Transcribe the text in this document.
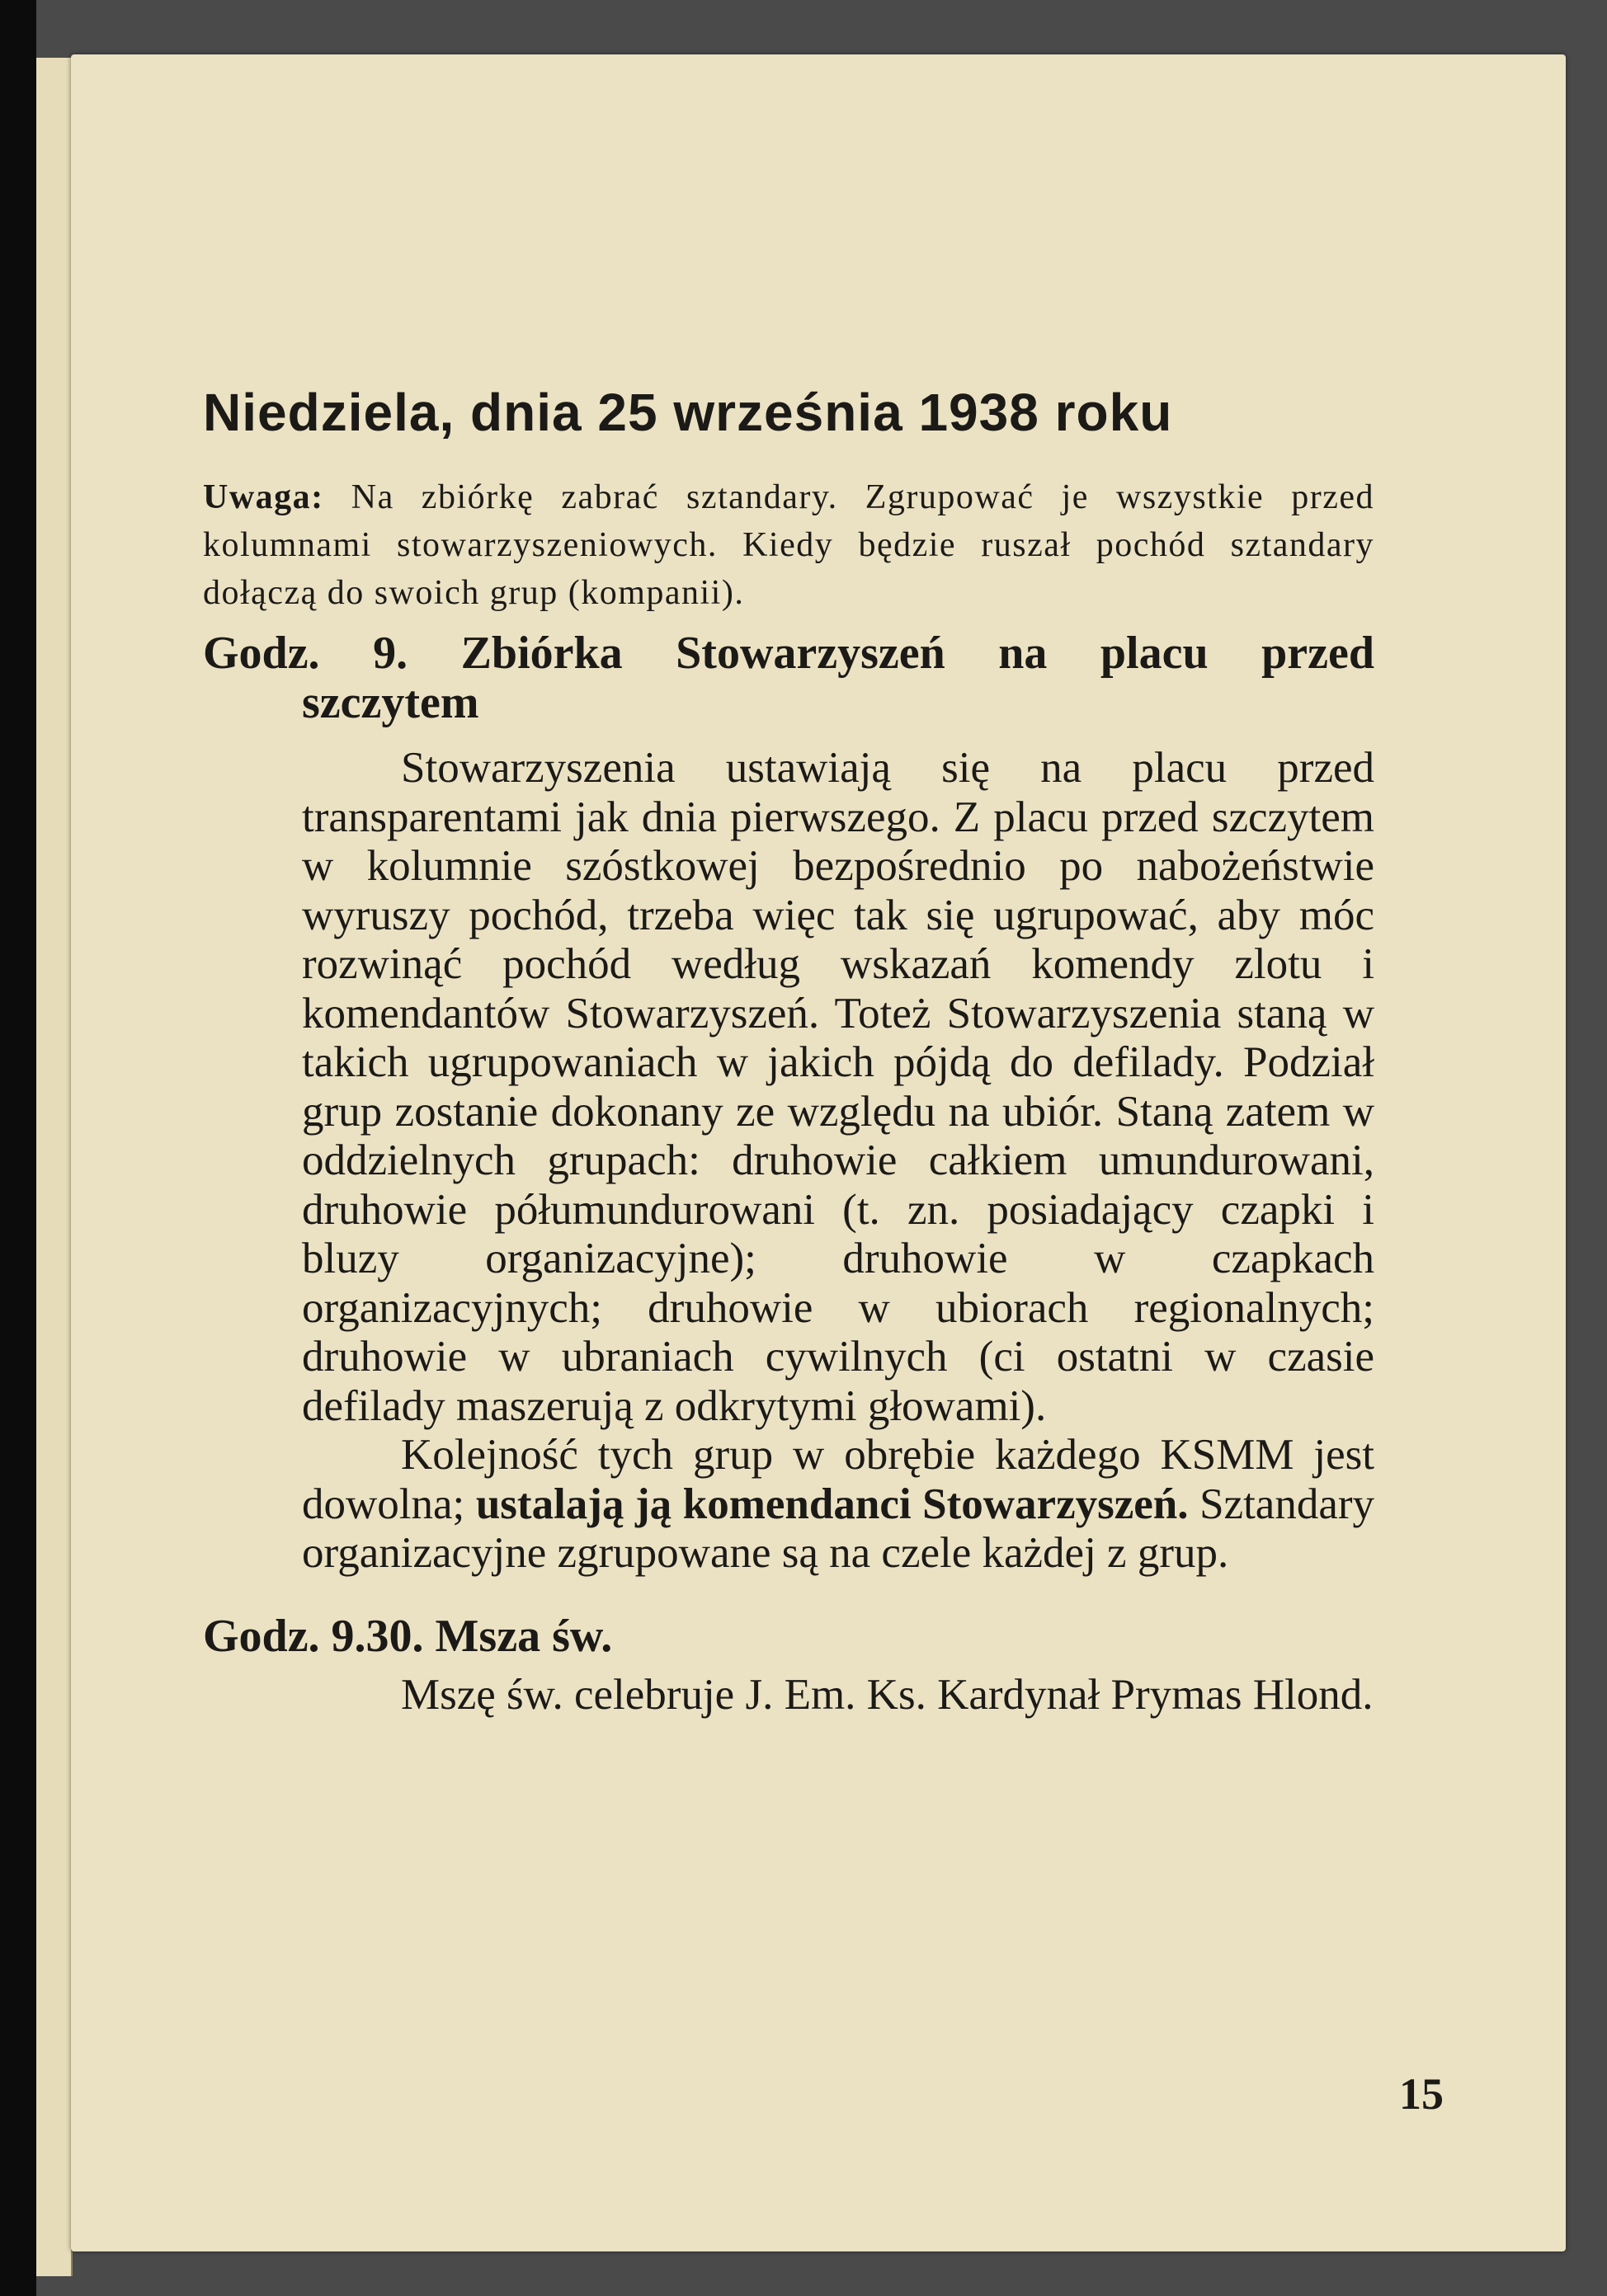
Niedziela, dnia 25 września 1938 roku

Uwaga: Na zbiórkę zabrać sztandary. Zgrupować je wszystkie przed kolumnami stowarzyszeniowych. Kiedy będzie ruszał pochód sztandary dołączą do swoich grup (kompanii).

Godz. 9. Zbiórka Stowarzyszeń na placu przed
szczytem

Stowarzyszenia ustawiają się na placu przed transparentami jak dnia pierwszego. Z placu przed szczytem w kolumnie szóstkowej bezpośrednio po nabożeństwie wyruszy pochód, trzeba więc tak się ugrupować, aby móc rozwinąć pochód według wskazań komendy zlotu i komendantów Stowarzyszeń. Toteż Stowarzyszenia staną w takich ugrupowaniach w jakich pójdą do defilady. Podział grup zostanie dokonany ze względu na ubiór. Staną zatem w oddzielnych grupach: druhowie całkiem umundurowani, druhowie półumundurowani (t. zn. posiadający czapki i bluzy organizacyjne); druhowie w czapkach organizacyjnych; druhowie w ubiorach regionalnych; druhowie w ubraniach cywilnych (ci ostatni w czasie defilady maszerują z odkrytymi głowami).

Kolejność tych grup w obrębie każdego KSMM jest dowolna; ustalają ją komendanci Stowarzyszeń. Sztandary organizacyjne zgrupowane są na czele każdej z grup.

Godz. 9.30. Msza św.

Mszę św. celebruje J. Em. Ks. Kardynał Prymas Hlond.

15
